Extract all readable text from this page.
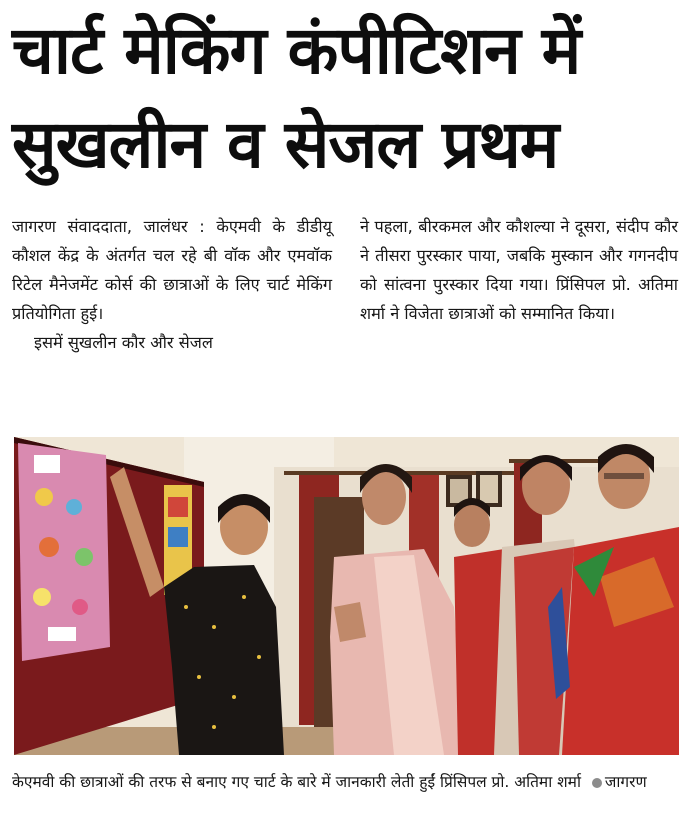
चार्ट मेकिंग कंपीटिशन में
सुखलीन व सेजल प्रथम

जागरण संवाददाता, जालंधर : केएमवी के डीडीयू कौशल केंद्र के अंतर्गत चल रहे बी वॉक और एमवॉक रिटेल मैनेजमेंट कोर्स की छात्राओं के लिए चार्ट मेकिंग प्रतियोगिता हुई।

इसमें सुखलीन कौर और सेजल

ने पहला, बीरकमल और कौशल्या ने दूसरा, संदीप कौर ने तीसरा पुरस्कार पाया, जबकि मुस्कान और गगनदीप को सांत्वना पुरस्कार दिया गया। प्रिंसिपल प्रो. अतिमा शर्मा ने विजेता छात्राओं को सम्मानित किया।

केएमवी की छात्राओं की तरफ से बनाए गए चार्ट के बारे में जानकारी लेती हुईं प्रिंसिपल प्रो. अतिमा शर्मा जागरण
